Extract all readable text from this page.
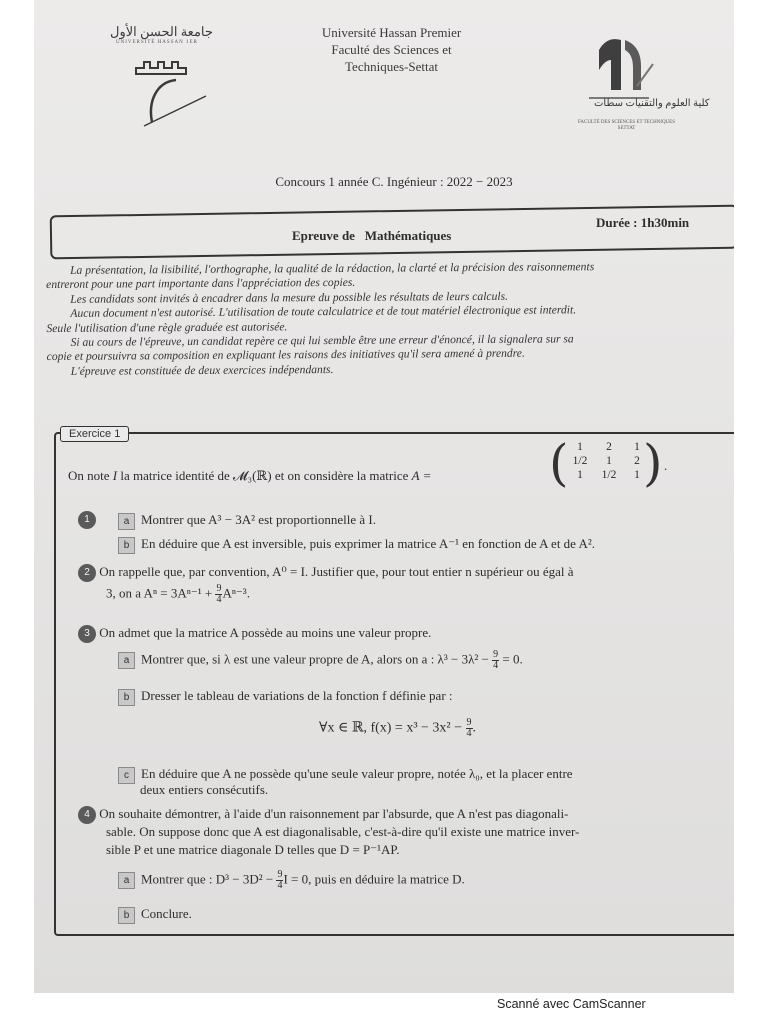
جامعة الحسن الأول
UNIVERSITÉ HASSAN 1ER
Université Hassan Premier
Faculté des Sciences et
Techniques-Settat
كلية العلوم والتقنيات سطات
FACULTÉ DES SCIENCES ET TECHNIQUES SETTAT
Concours 1 année C. Ingénieur : 2022 − 2023
Epreuve de   Mathématiques
Durée : 1h30min

La présentation, la lisibilité, l'orthographe, la qualité de la rédaction, la clarté et la précision des raisonnements

entreront pour une part importante dans l'appréciation des copies.

Les candidats sont invités à encadrer dans la mesure du possible les résultats de leurs calculs.

Aucun document n'est autorisé. L'utilisation de toute calculatrice et de tout matériel électronique est interdit.

Seule l'utilisation d'une règle graduée est autorisée.

Si au cours de l'épreuve, un candidat repère ce qui lui semble être une erreur d'énoncé, il la signalera sur sa

copie et poursuivra sa composition en expliquant les raisons des initiatives qu'il sera amené à prendre.

L'épreuve est constituée de deux exercices indépendants.

Exercice 1
On note I la matrice identité de 𝓜₃(ℝ) et on considère la matrice A = ( 1	2	1
1/2	1	2
1	1/2	1 ) .
1	a Montrer que A³ − 3A² est proportionnelle à I.
b En déduire que A est inversible, puis exprimer la matrice A⁻¹ en fonction de A et de A².
2 On rappelle que, par convention, A⁰ = I. Justifier que, pour tout entier n supérieur ou égal à
3, on a $A^n = 3A^{n-1} + \frac{9}{4} A^{n-3}$.
3 On admet que la matrice A possède au moins une valeur propre.
a Montrer que, si λ est une valeur propre de A, alors on a : $\lambda^3 - 3\lambda^2 - \frac{9}{4} = 0$.
b Dresser le tableau de variations de la fonction f définie par :
∀x ∈ ℝ, $f(x) = x^3 - 3x^2 - \frac{9}{4}$ .
c En déduire que A ne possède qu'une seule valeur propre, notée λ₀, et la placer entre
deux entiers consécutifs.
4 On souhaite démontrer, à l'aide d'un raisonnement par l'absurde, que A n'est pas diagonali-
sable. On suppose donc que A est diagonalisable, c'est-à-dire qu'il existe une matrice inver-
sible P et une matrice diagonale D telles que D = P⁻¹AP.
a Montrer que : $D^3 - 3D^2 - \frac{9}{4}$ I = 0, puis en déduire la matrice D.
b Conclure.
Scanné avec CamScanner
